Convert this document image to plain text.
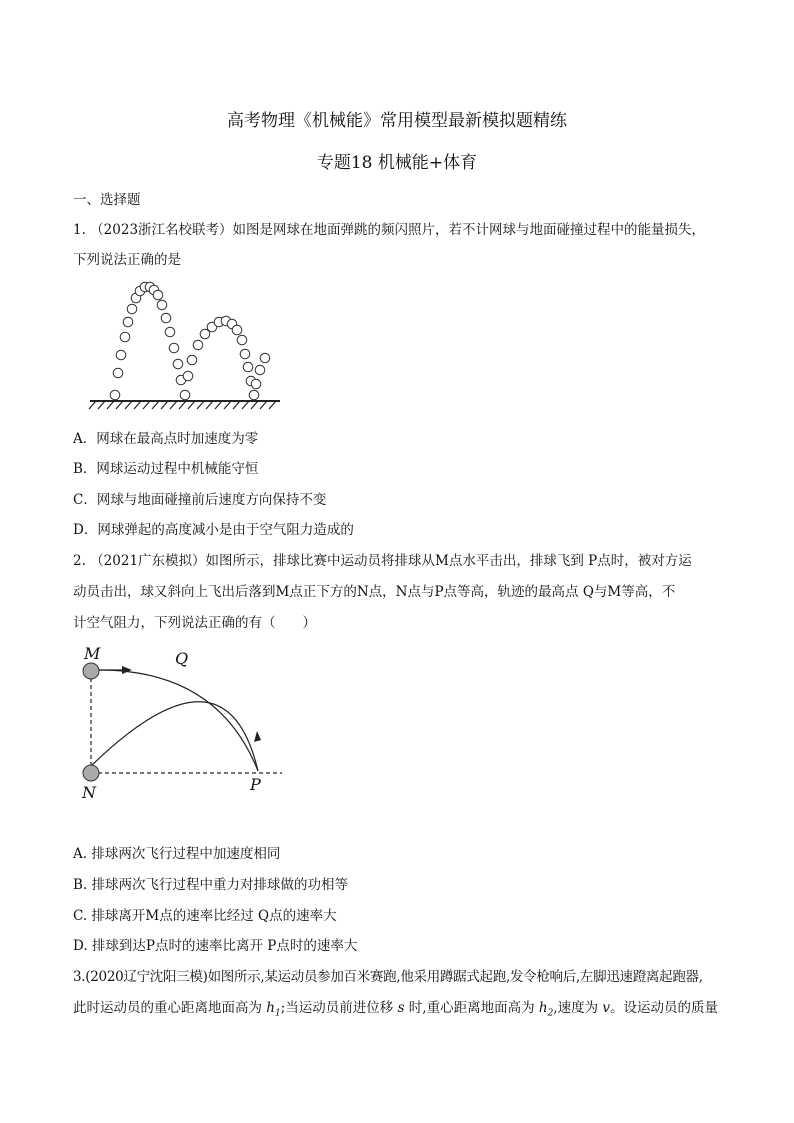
高考物理《机械能》常用模型最新模拟题精练
专题18 机械能+体育
一、选择题
1. （2023浙江名校联考）如图是网球在地面弹跳的频闪照片，若不计网球与地面碰撞过程中的能量损失，
下列说法正确的是
A．网球在最高点时加速度为零
B．网球运动过程中机械能守恒
C．网球与地面碰撞前后速度方向保持不变
D．网球弹起的高度减小是由于空气阻力造成的
2. （2021广东模拟）如图所示，排球比赛中运动员将排球从M点水平击出，排球飞到 P点时，被对方运
动员击出，球又斜向上飞出后落到M点正下方的N点，N点与P点等高，轨迹的最高点 Q与M等高，不
计空气阻力，下列说法正确的有（　　）
M	Q
N	P
A. 排球两次飞行过程中加速度相同
B. 排球两次飞行过程中重力对排球做的功相等
C. 排球离开M点的速率比经过 Q点的速率大
D. 排球到达P点时的速率比离开 P点时的速率大
3.(2020辽宁沈阳三模)如图所示,某运动员参加百米赛跑,他采用蹲踞式起跑,发令枪响后,左脚迅速蹬离起跑器,
此时运动员的重心距离地面高为 $h_1$;当运动员前进位移 s 时,重心距离地面高为 $h_2$,速度为 v。设运动员的质量
